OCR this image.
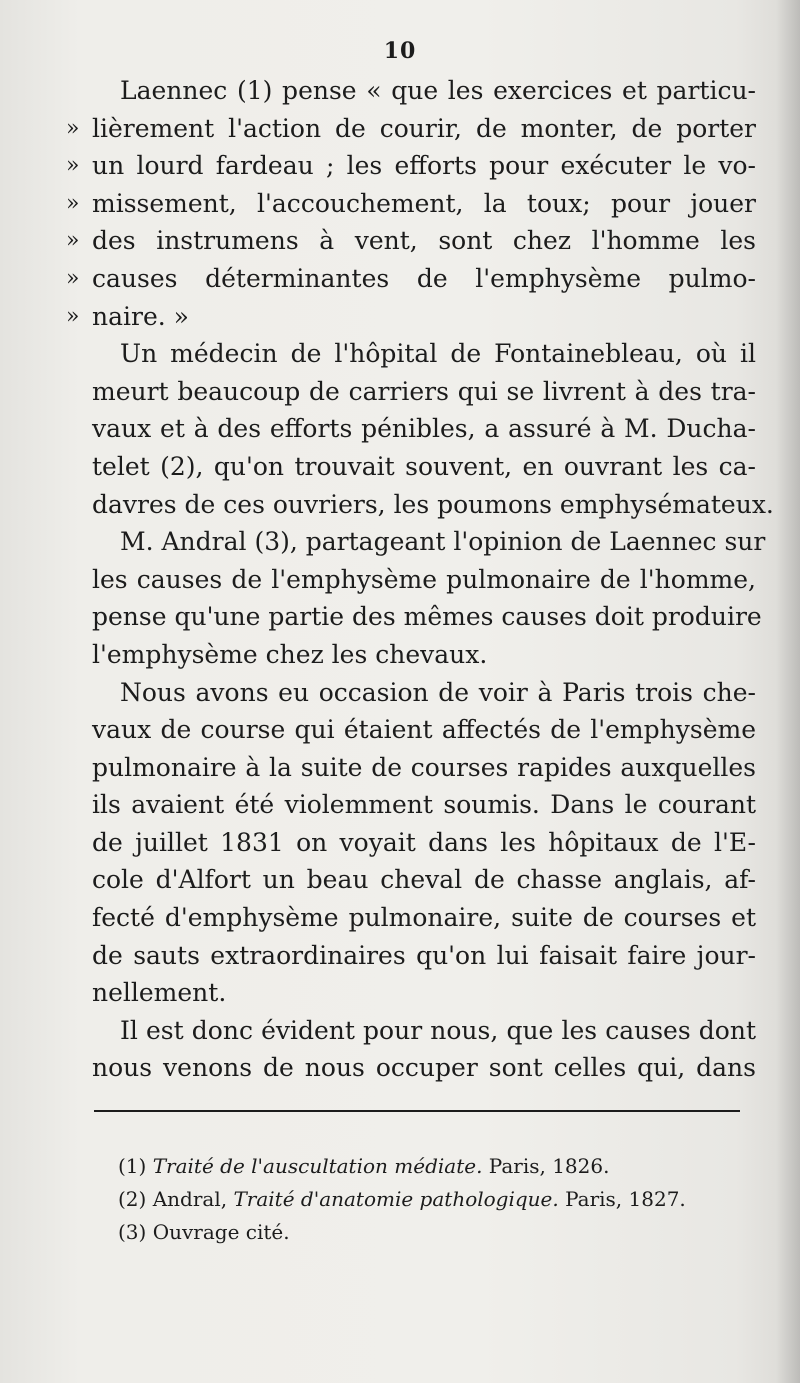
10
Laennec (1) pense « que les exercices et particu-
» lièrement l'action de courir, de monter, de porter
» un lourd fardeau ; les efforts pour exécuter le vo-
» missement, l'accouchement, la toux; pour jouer
» des instrumens à vent, sont chez l'homme les
» causes déterminantes de l'emphysème pulmo-
» naire. »
Un médecin de l'hôpital de Fontainebleau, où il
meurt beaucoup de carriers qui se livrent à des tra-
vaux et à des efforts pénibles, a assuré à M. Ducha-
telet (2), qu'on trouvait souvent, en ouvrant les ca-
davres de ces ouvriers, les poumons emphysémateux.
M. Andral (3), partageant l'opinion de Laennec sur
les causes de l'emphysème pulmonaire de l'homme,
pense qu'une partie des mêmes causes doit produire
l'emphysème chez les chevaux.
Nous avons eu occasion de voir à Paris trois che-
vaux de course qui étaient affectés de l'emphysème
pulmonaire à la suite de courses rapides auxquelles
ils avaient été violemment soumis. Dans le courant
de juillet 1831 on voyait dans les hôpitaux de l'E-
cole d'Alfort un beau cheval de chasse anglais, af-
fecté d'emphysème pulmonaire, suite de courses et
de sauts extraordinaires qu'on lui faisait faire jour-
nellement.
Il est donc évident pour nous, que les causes dont
nous venons de nous occuper sont celles qui, dans
(1) Traité de l'auscultation médiate. Paris, 1826.
(2) Andral, Traité d'anatomie pathologique. Paris, 1827.
(3) Ouvrage cité.
